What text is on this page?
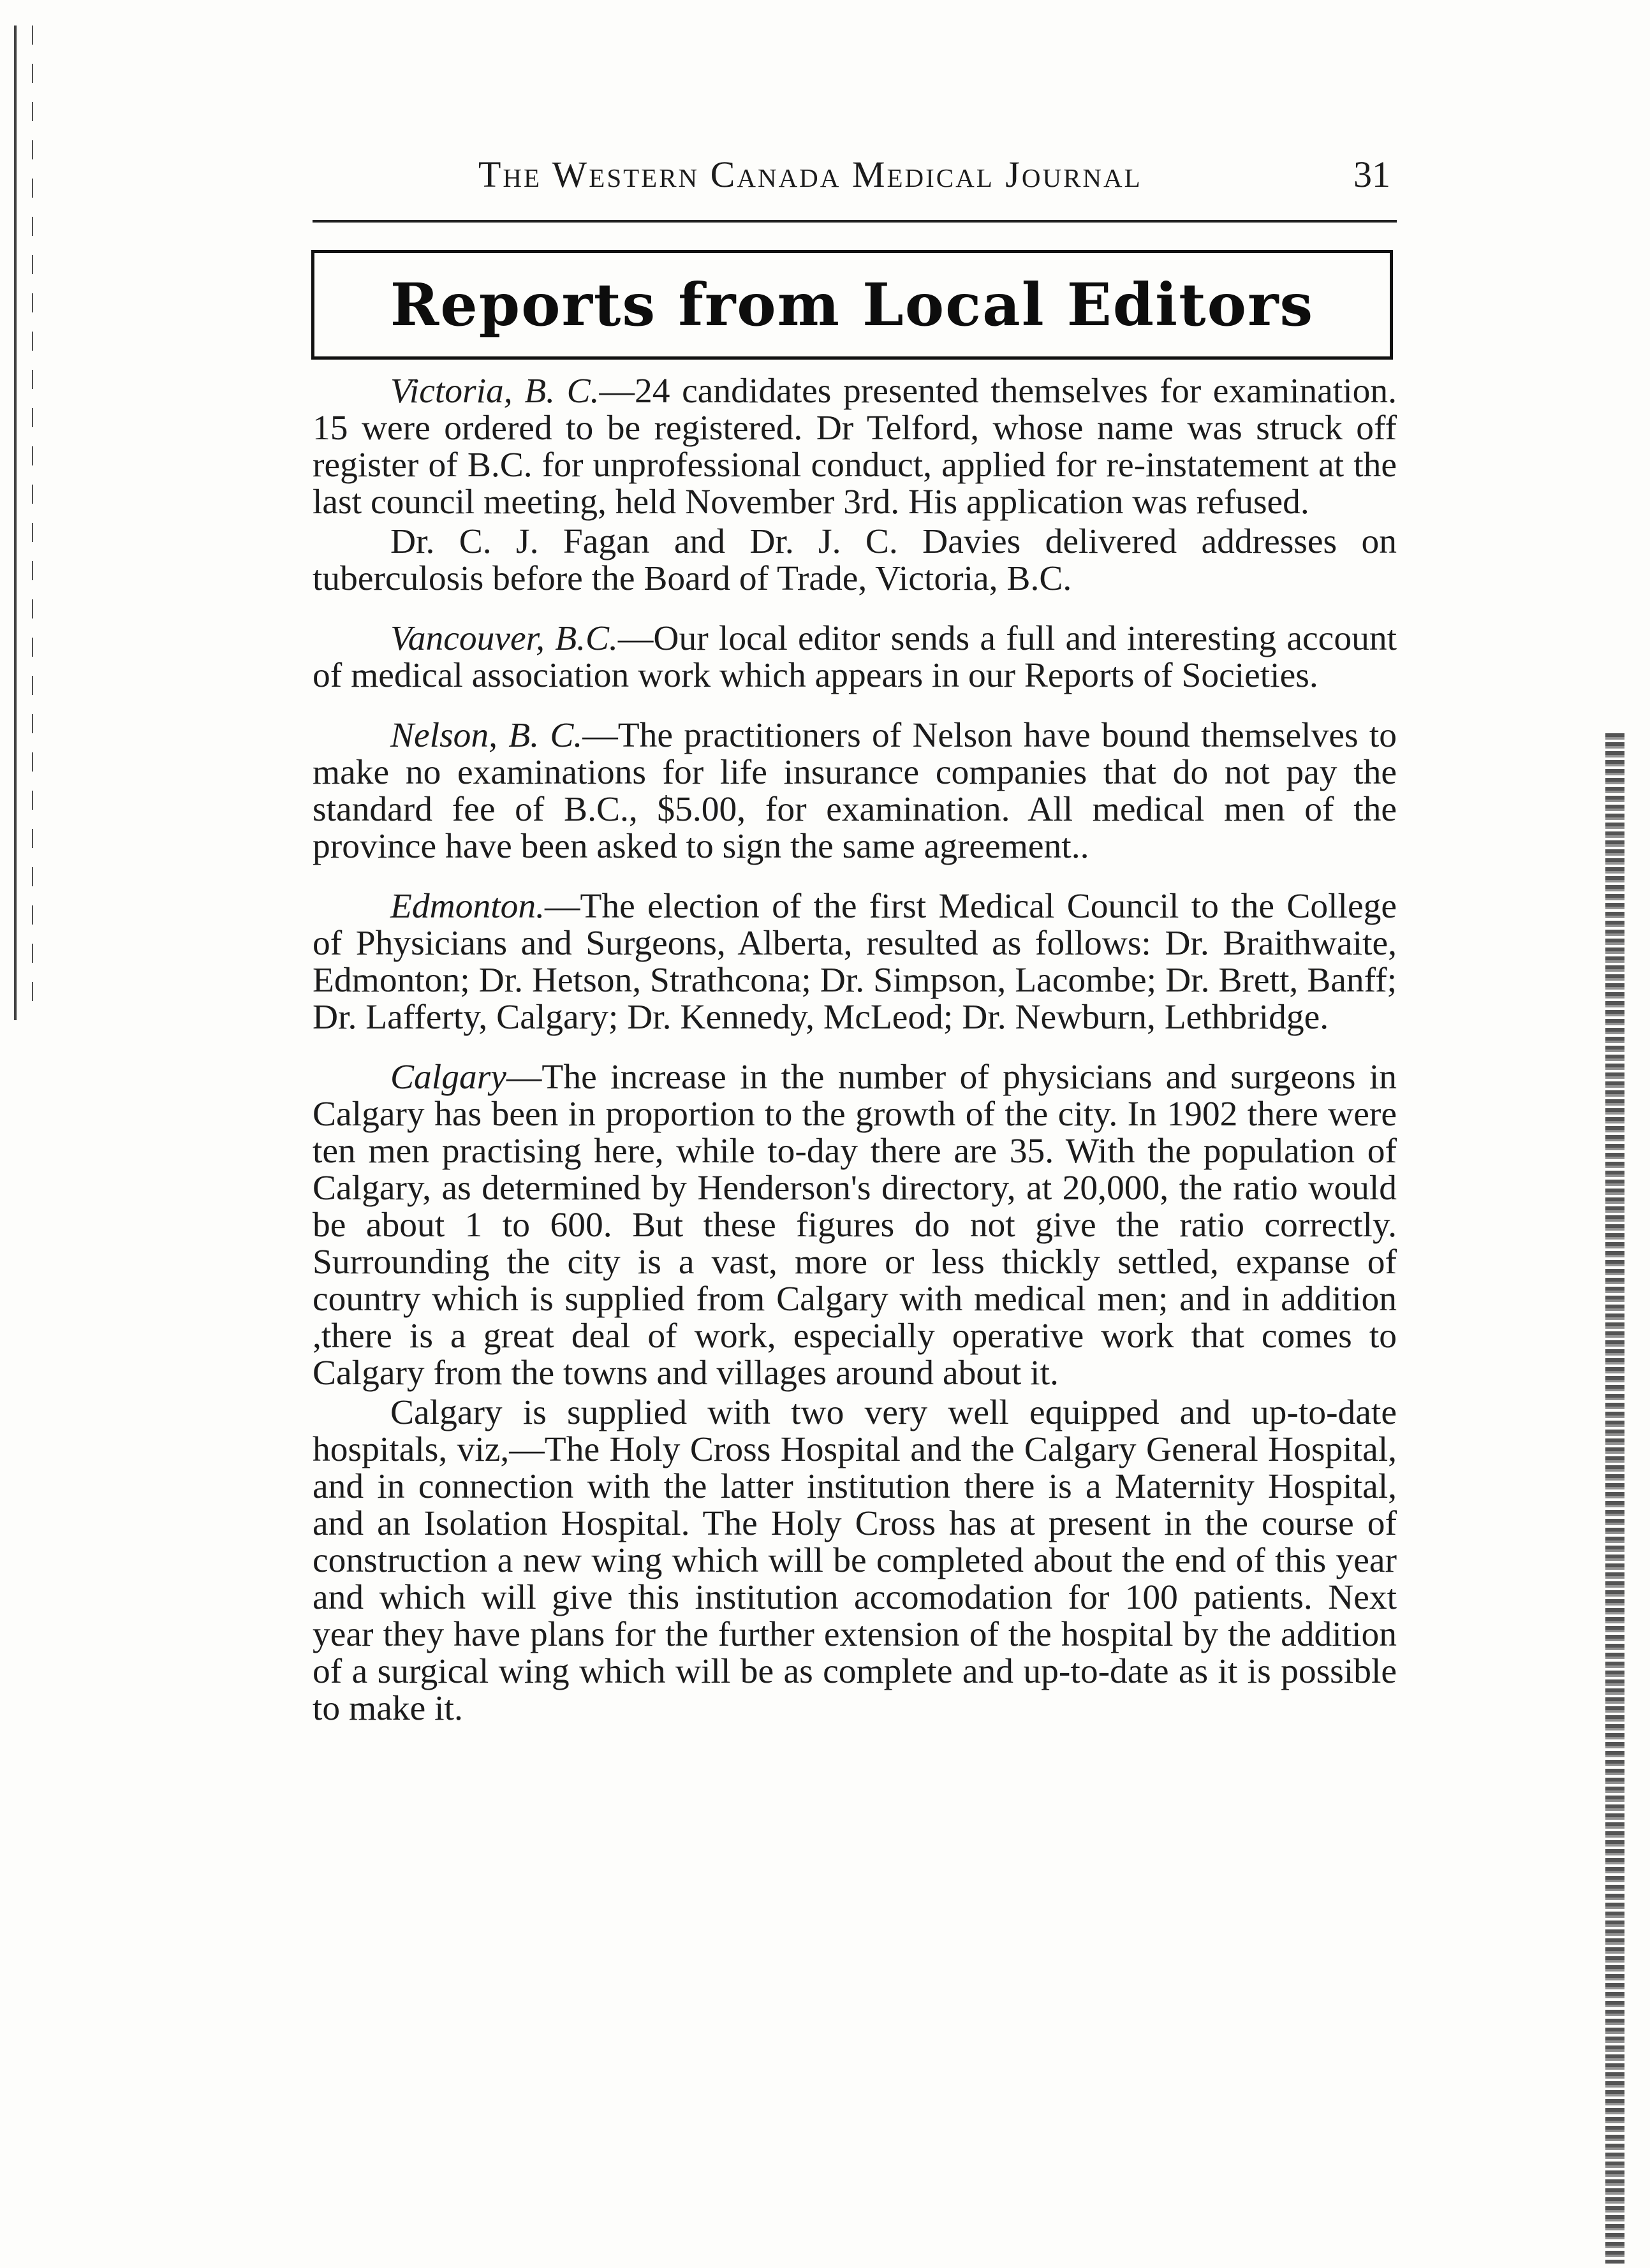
The Western Canada Medical Journal	31
Reports from Local Editors

Victoria, B. C.—24 candidates presented themselves for examination. 15 were ordered to be registered. Dr Telford, whose name was struck off register of B.C. for unprofessional conduct, applied for re-instatement at the last council meeting, held November 3rd. His application was refused.

Dr. C. J. Fagan and Dr. J. C. Davies delivered addresses on tuberculosis before the Board of Trade, Victoria, B.C.

Vancouver, B.C.—Our local editor sends a full and interesting account of medical association work which appears in our Reports of Societies.

Nelson, B. C.—The practitioners of Nelson have bound themselves to make no examinations for life insurance companies that do not pay the standard fee of B.C., $5.00, for examination. All medical men of the province have been asked to sign the same agreement..

Edmonton.—The election of the first Medical Council to the College of Physicians and Surgeons, Alberta, resulted as follows: Dr. Braithwaite, Edmonton; Dr. Hetson, Strathcona; Dr. Simpson, Lacombe; Dr. Brett, Banff; Dr. Lafferty, Calgary; Dr. Kennedy, McLeod; Dr. Newburn, Lethbridge.

Calgary—The increase in the number of physicians and surgeons in Calgary has been in proportion to the growth of the city. In 1902 there were ten men practising here, while to-day there are 35. With the population of Calgary, as determined by Henderson's directory, at 20,000, the ratio would be about 1 to 600. But these figures do not give the ratio correctly. Surrounding the city is a vast, more or less thickly settled, expanse of country which is supplied from Calgary with medical men; and in addition ,there is a great deal of work, especially operative work that comes to Calgary from the towns and villages around about it.

Calgary is supplied with two very well equipped and up-to-date hospitals, viz,—The Holy Cross Hospital and the Calgary General Hospital, and in connection with the latter institution there is a Maternity Hospital, and an Isolation Hospital. The Holy Cross has at present in the course of construction a new wing which will be completed about the end of this year and which will give this institution accomodation for 100 patients. Next year they have plans for the further extension of the hospital by the addition of a surgical wing which will be as complete and up-to-date as it is possible to make it.
